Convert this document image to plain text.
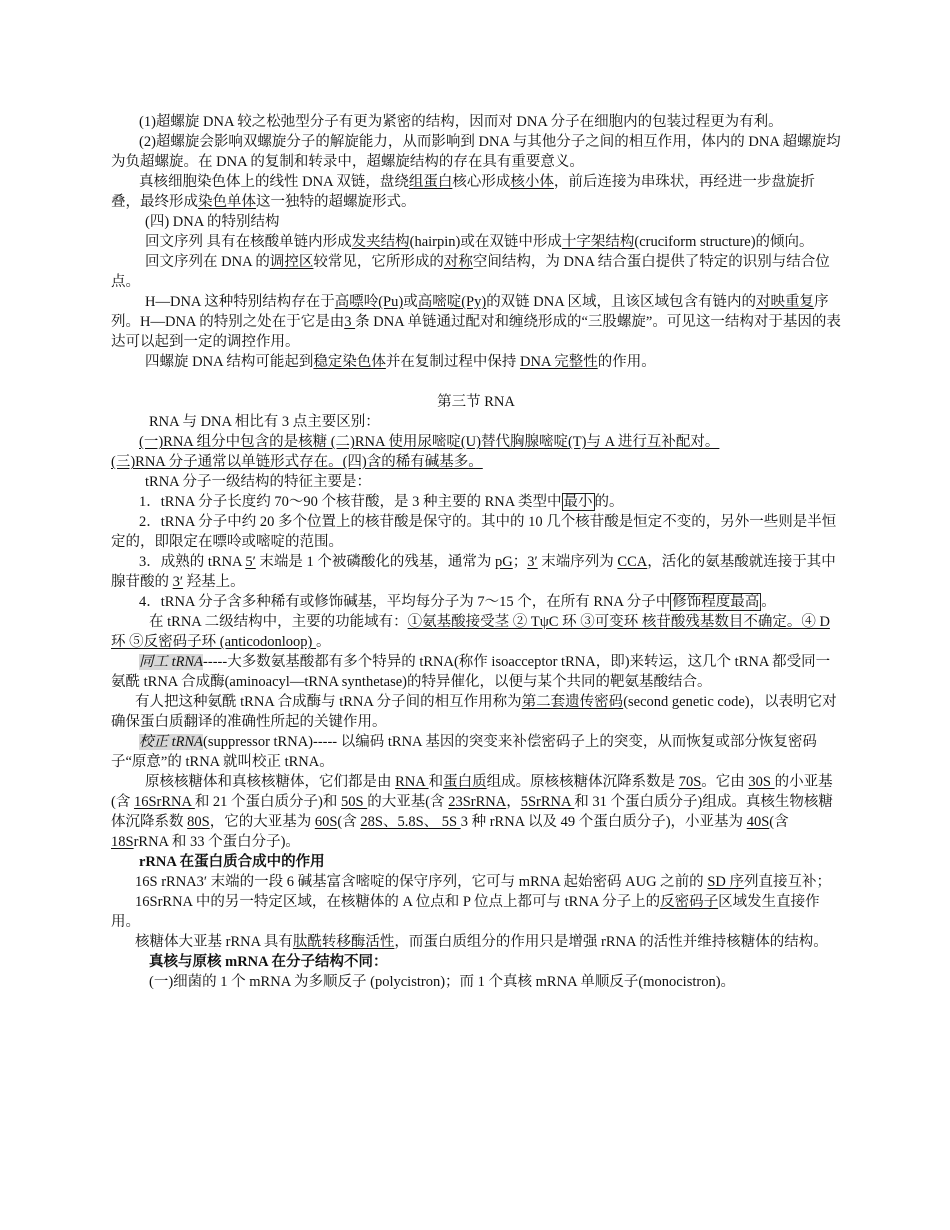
(1)超螺旋 DNA 较之松弛型分子有更为紧密的结构，因而对 DNA 分子在细胞内的包装过程更为有利。

(2)超螺旋会影响双螺旋分子的解旋能力，从而影响到 DNA 与其他分子之间的相互作用，体内的 DNA 超螺旋均为负超螺旋。在 DNA 的复制和转录中，超螺旋结构的存在具有重要意义。

真核细胞染色体上的线性 DNA 双链，盘绕组蛋白核心形成核小体，前后连接为串珠状，再经进一步盘旋折叠，最终形成染色单体这一独特的超螺旋形式。

(四) DNA 的特别结构

回文序列 具有在核酸单链内形成发夹结构(hairpin)或在双链中形成十字架结构(cruciform structure)的倾向。

回文序列在 DNA 的调控区较常见，它所形成的对称空间结构，为 DNA 结合蛋白提供了特定的识别与结合位点。

H—DNA 这种特别结构存在于高嘌呤(Pu)或高嘧啶(Py)的双链 DNA 区域，且该区域包含有链内的对映重复序列。H—DNA 的特别之处在于它是由3 条 DNA 单链通过配对和缠绕形成的“三股螺旋”。可见这一结构对于基因的表达可以起到一定的调控作用。

四螺旋 DNA 结构可能起到稳定染色体并在复制过程中保持 DNA 完整性的作用。

第三节 RNA

RNA 与 DNA 相比有 3 点主要区别：

(一)RNA 组分中包含的是核糖 (二)RNA 使用尿嘧啶(U)替代胸腺嘧啶(T)与 A 进行互补配对。

(三)RNA 分子通常以单链形式存在。(四)含的稀有碱基多。

tRNA 分子一级结构的特征主要是：

1．tRNA 分子长度约 70～90 个核苷酸，是 3 种主要的 RNA 类型中 最小 的。

2．tRNA 分子中约 20 多个位置上的核苷酸是保守的。其中的 10 几个核苷酸是恒定不变的，另外一些则是半恒定的，即限定在嘌呤或嘧啶的范围。

3．成熟的 tRNA 5′ 末端是 1 个被磷酸化的残基，通常为 pG；3′ 末端序列为 CCA，活化的氨基酸就连接于其中腺苷酸的 3′ 羟基上。

4．tRNA 分子含多种稀有或修饰碱基，平均每分子为 7～15 个，在所有 RNA 分子中 修饰程度最高 。

在 tRNA 二级结构中，主要的功能域有：①氨基酸接受茎 ② TψC 环 ③可变环 核苷酸残基数目不确定。④ D 环 ⑤反密码子环 (anticodonloop) 。

同工 tRNA-----大多数氨基酸都有多个特异的 tRNA(称作 isoacceptor tRNA，即)来转运，这几个 tRNA 都受同一氨酰 tRNA 合成酶(aminoacyl—tRNA synthetase)的特异催化，以便与某个共同的靶氨基酸结合。

有人把这种氨酰 tRNA 合成酶与 tRNA 分子间的相互作用称为第二套遗传密码(second genetic code)，以表明它对确保蛋白质翻译的准确性所起的关键作用。

校正 tRNA(suppressor tRNA)----- 以编码 tRNA 基因的突变来补偿密码子上的突变，从而恢复或部分恢复密码子“原意”的 tRNA 就叫校正 tRNA。

原核核糖体和真核核糖体，它们都是由 RNA 和蛋白质组成。原核核糖体沉降系数是 70S。它由 30S 的小亚基(含 16SrRNA 和 21 个蛋白质分子)和 50S 的大亚基(含 23SrRNA，5SrRNA 和 31 个蛋白质分子)组成。真核生物核糖体沉降系数 80S，它的大亚基为 60S(含 28S、5.8S、 5S 3 种 rRNA 以及 49 个蛋白质分子)，小亚基为 40S(含 18SrRNA 和 33 个蛋白分子)。

rRNA 在蛋白质合成中的作用

16S rRNA3′ 末端的一段 6 碱基富含嘧啶的保守序列，它可与 mRNA 起始密码 AUG 之前的 SD 序列直接互补；

16SrRNA 中的另一特定区域，在核糖体的 A 位点和 P 位点上都可与 tRNA 分子上的反密码子区域发生直接作用。

核糖体大亚基 rRNA 具有肽酰转移酶活性，而蛋白质组分的作用只是增强 rRNA 的活性并维持核糖体的结构。

真核与原核 mRNA 在分子结构不同：

(一)细菌的 1 个 mRNA 为多顺反子 (polycistron)；而 1 个真核 mRNA 单顺反子(monocistron)。
